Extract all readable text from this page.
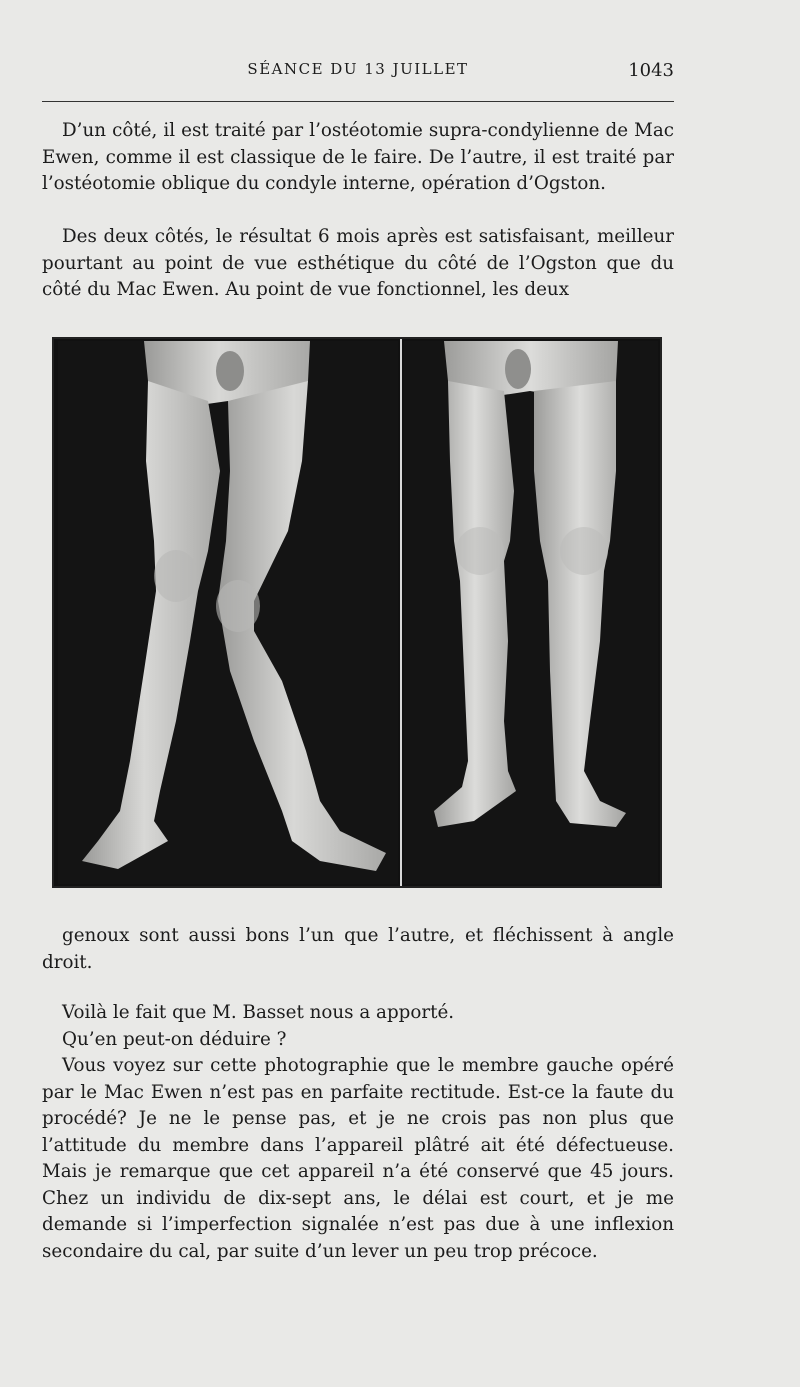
SÉANCE DU 13 JUILLET	1043

D’un côté, il est traité par l’ostéotomie supra-condylienne de Mac Ewen, comme il est classique de le faire. De l’autre, il est traité par l’ostéotomie oblique du condyle interne, opération d’Ogston.

Des deux côtés, le résultat 6 mois après est satisfaisant, meilleur pourtant au point de vue esthétique du côté de l’Ogston que du côté du Mac Ewen. Au point de vue fonctionnel, les deux

genoux sont aussi bons l’un que l’autre, et fléchissent à angle droit.

Voilà le fait que M. Basset nous a apporté.

Qu’en peut-on déduire ?

Vous voyez sur cette photographie que le membre gauche opéré par le Mac Ewen n’est pas en parfaite rectitude. Est-ce la faute du procédé? Je ne le pense pas, et je ne crois pas non plus que l’attitude du membre dans l’appareil plâtré ait été défectueuse. Mais je remarque que cet appareil n’a été conservé que 45 jours. Chez un individu de dix-sept ans, le délai est court, et je me demande si l’imperfection signalée n’est pas due à une inflexion secondaire du cal, par suite d’un lever un peu trop précoce.
